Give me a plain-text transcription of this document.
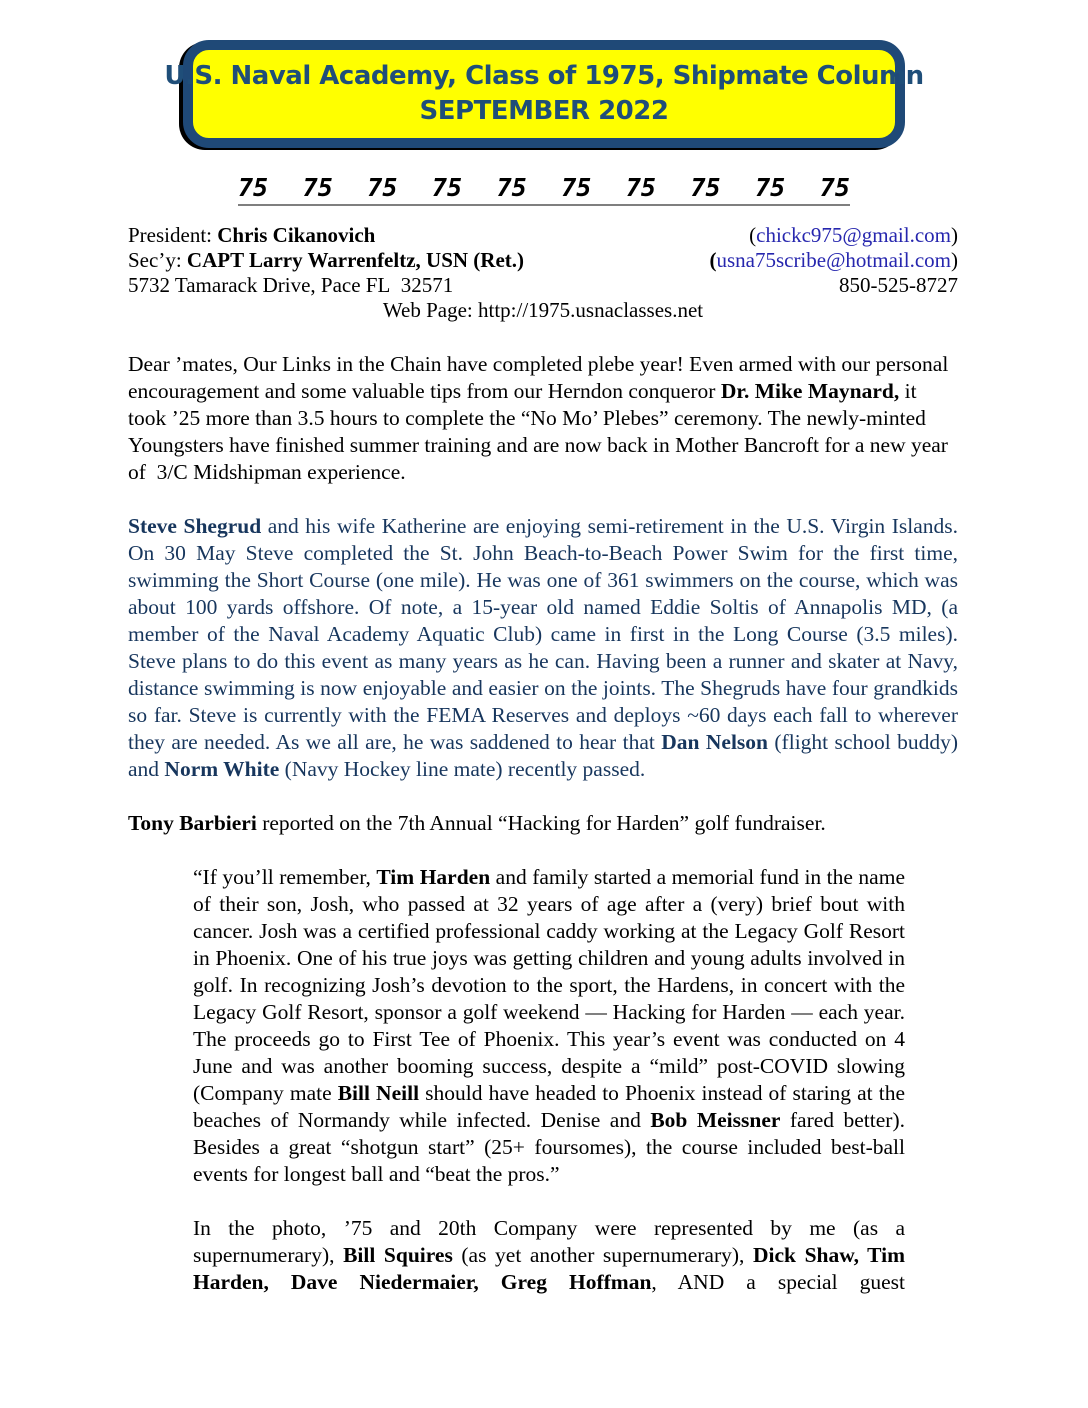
U.S. Naval Academy, Class of 1975, Shipmate Column
SEPTEMBER 2022
75 75 75 75 75 75 75 75 75 75
President: Chris Cikanovich	(chickc975@gmail.com)
Sec’y: CAPT Larry Warrenfeltz, USN (Ret.)	(usna75scribe@hotmail.com)
5732 Tamarack Drive, Pace FL  32571	850-525-8727
Web Page: http://1975.usnaclasses.net

Dear ’mates, Our Links in the Chain have completed plebe year! Even armed with our personal encouragement and some valuable tips from our Herndon conqueror Dr. Mike Maynard, it took ’25 more than 3.5 hours to complete the “No Mo’ Plebes” ceremony. The newly-minted Youngsters have finished summer training and are now back in Mother Bancroft for a new year of  3/C Midshipman experience.

Steve Shegrud and his wife Katherine are enjoying semi-retirement in the U.S. Virgin Islands. On 30 May Steve completed the St. John Beach-to-Beach Power Swim for the first time, swimming the Short Course (one mile). He was one of 361 swimmers on the course, which was about 100 yards offshore. Of note, a 15-year old named Eddie Soltis of Annapolis MD, (a member of the Naval Academy Aquatic Club) came in first in the Long Course (3.5 miles). Steve plans to do this event as many years as he can. Having been a runner and skater at Navy, distance swimming is now enjoyable and easier on the joints. The Shegruds have four grandkids so far. Steve is currently with the FEMA Reserves and deploys ~60 days each fall to wherever they are needed. As we all are, he was saddened to hear that Dan Nelson (flight school buddy) and Norm White (Navy Hockey line mate) recently passed.

Tony Barbieri reported on the 7th Annual “Hacking for Harden” golf fundraiser.

“If you’ll remember, Tim Harden and family started a memorial fund in the name of their son, Josh, who passed at 32 years of age after a (very) brief bout with cancer. Josh was a certified professional caddy working at the Legacy Golf Resort in Phoenix. One of his true joys was getting children and young adults involved in golf. In recognizing Josh’s devotion to the sport, the Hardens, in concert with the Legacy Golf Resort, sponsor a golf weekend — Hacking for Harden — each year. The proceeds go to First Tee of Phoenix. This year’s event was conducted on 4 June and was another booming success, despite a “mild” post-COVID slowing (Company mate Bill Neill should have headed to Phoenix instead of staring at the beaches of Normandy while infected. Denise and Bob Meissner fared better). Besides a great “shotgun start” (25+ foursomes), the course included best-ball events for longest ball and “beat the pros.”

In the photo, ’75 and 20th Company were represented by me (as a supernumerary), Bill Squires (as yet another supernumerary), Dick Shaw, Tim Harden, Dave Niedermaier, Greg Hoffman, AND a special guest
